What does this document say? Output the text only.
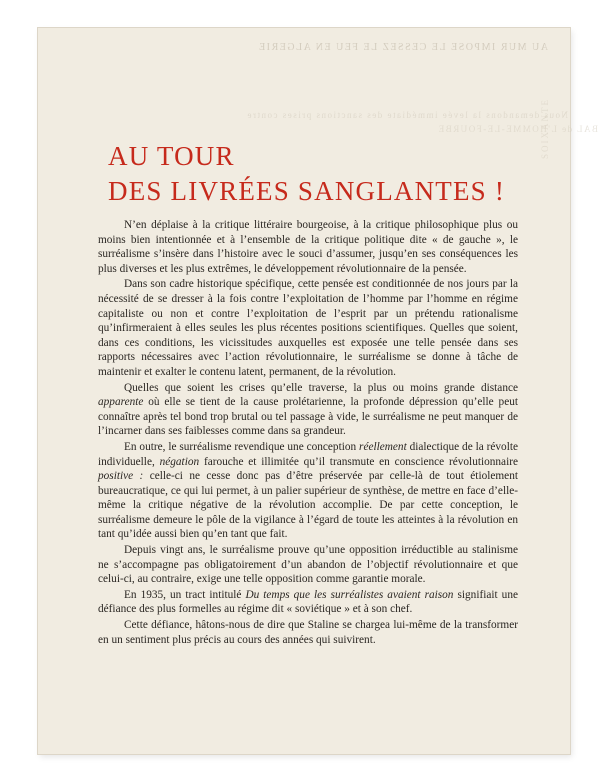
AU MUR IMPOSE LE CESSEZ LE FEU EN ALGERIE
Nous demandons la levée immédiate des sanctions prises contre
BAL de L'HOMME-LE-FOURBE
SOIXANTE
AU TOUR
DES LIVRÉES SANGLANTES !

N’en déplaise à la critique littéraire bourgeoise, à la critique philosophique plus ou moins bien intentionnée et à l’ensemble de la critique politique dite « de gauche », le surréalisme s’insère dans l’histoire avec le souci d’assumer, jusqu’en ses conséquences les plus diverses et les plus extrêmes, le développement révolutionnaire de la pensée.

Dans son cadre historique spécifique, cette pensée est conditionnée de nos jours par la nécessité de se dresser à la fois contre l’exploitation de l’homme par l’homme en régime capitaliste ou non et contre l’exploitation de l’esprit par un prétendu rationalisme qu’infirmeraient à elles seules les plus récentes positions scientifiques. Quelles que soient, dans ces conditions, les vicissitudes auxquelles est exposée une telle pensée dans ses rapports nécessaires avec l’action révolutionnaire, le surréalisme se donne à tâche de maintenir et exalter le contenu latent, permanent, de la révolution.

Quelles que soient les crises qu’elle traverse, la plus ou moins grande distance apparente où elle se tient de la cause prolétarienne, la profonde dépression qu’elle peut connaître après tel bond trop brutal ou tel passage à vide, le surréalisme ne peut manquer de l’incarner dans ses faiblesses comme dans sa grandeur.

En outre, le surréalisme revendique une conception réellement dialectique de la révolte individuelle, négation farouche et illimitée qu’il transmute en conscience révolutionnaire positive : celle-ci ne cesse donc pas d’être préservée par celle-là de tout étiolement bureaucratique, ce qui lui permet, à un palier supérieur de synthèse, de mettre en face d’elle-même la critique négative de la révolution accomplie. De par cette conception, le surréalisme demeure le pôle de la vigilance à l’égard de toute les atteintes à la révolution en tant qu’idée aussi bien qu’en tant que fait.

Depuis vingt ans, le surréalisme prouve qu’une opposition irréductible au stalinisme ne s’accompagne pas obligatoirement d’un abandon de l’objectif révolutionnaire et que celui-ci, au contraire, exige une telle opposition comme garantie morale.

En 1935, un tract intitulé Du temps que les surréalistes avaient raison signifiait une défiance des plus formelles au régime dit « soviétique » et à son chef.

Cette défiance, hâtons-nous de dire que Staline se chargea lui-même de la transformer en un sentiment plus précis au cours des années qui suivirent.
